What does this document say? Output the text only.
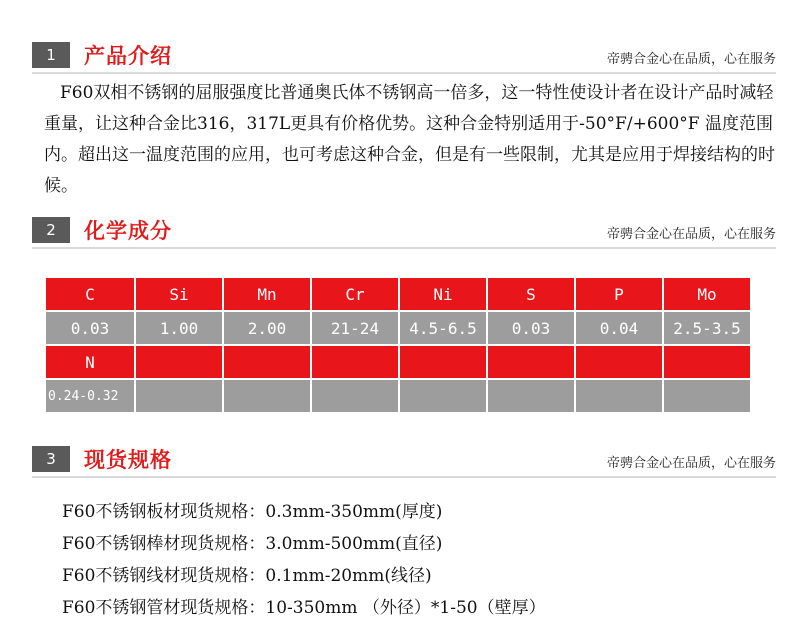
1	产品介绍	帝骋合金心在品质，心在服务
F60双相不锈钢的屈服强度比普通奥氏体不锈钢高一倍多，这一特性使设计者在设计产品时减轻重量，让这种合金比316，317L更具有价格优势。这种合金特别适用于-50°F/+600°F 温度范围内。超出这一温度范围的应用，也可考虑这种合金，但是有一些限制，尤其是应用于焊接结构的时候。
2	化学成分	帝骋合金心在品质，心在服务
C	Si	Mn	Cr	Ni	S	P	Mo
0.03	1.00	2.00	21-24	4.5-6.5	0.03	0.04	2.5-3.5
N							
0.24-0.32							
3	现货规格	帝骋合金心在品质，心在服务
F60不锈钢板材现货规格：0.3mm-350mm(厚度)
F60不锈钢棒材现货规格：3.0mm-500mm(直径)
F60不锈钢线材现货规格：0.1mm-20mm(线径)
F60不锈钢管材现货规格：10-350mm （外径）*1-50（壁厚）
